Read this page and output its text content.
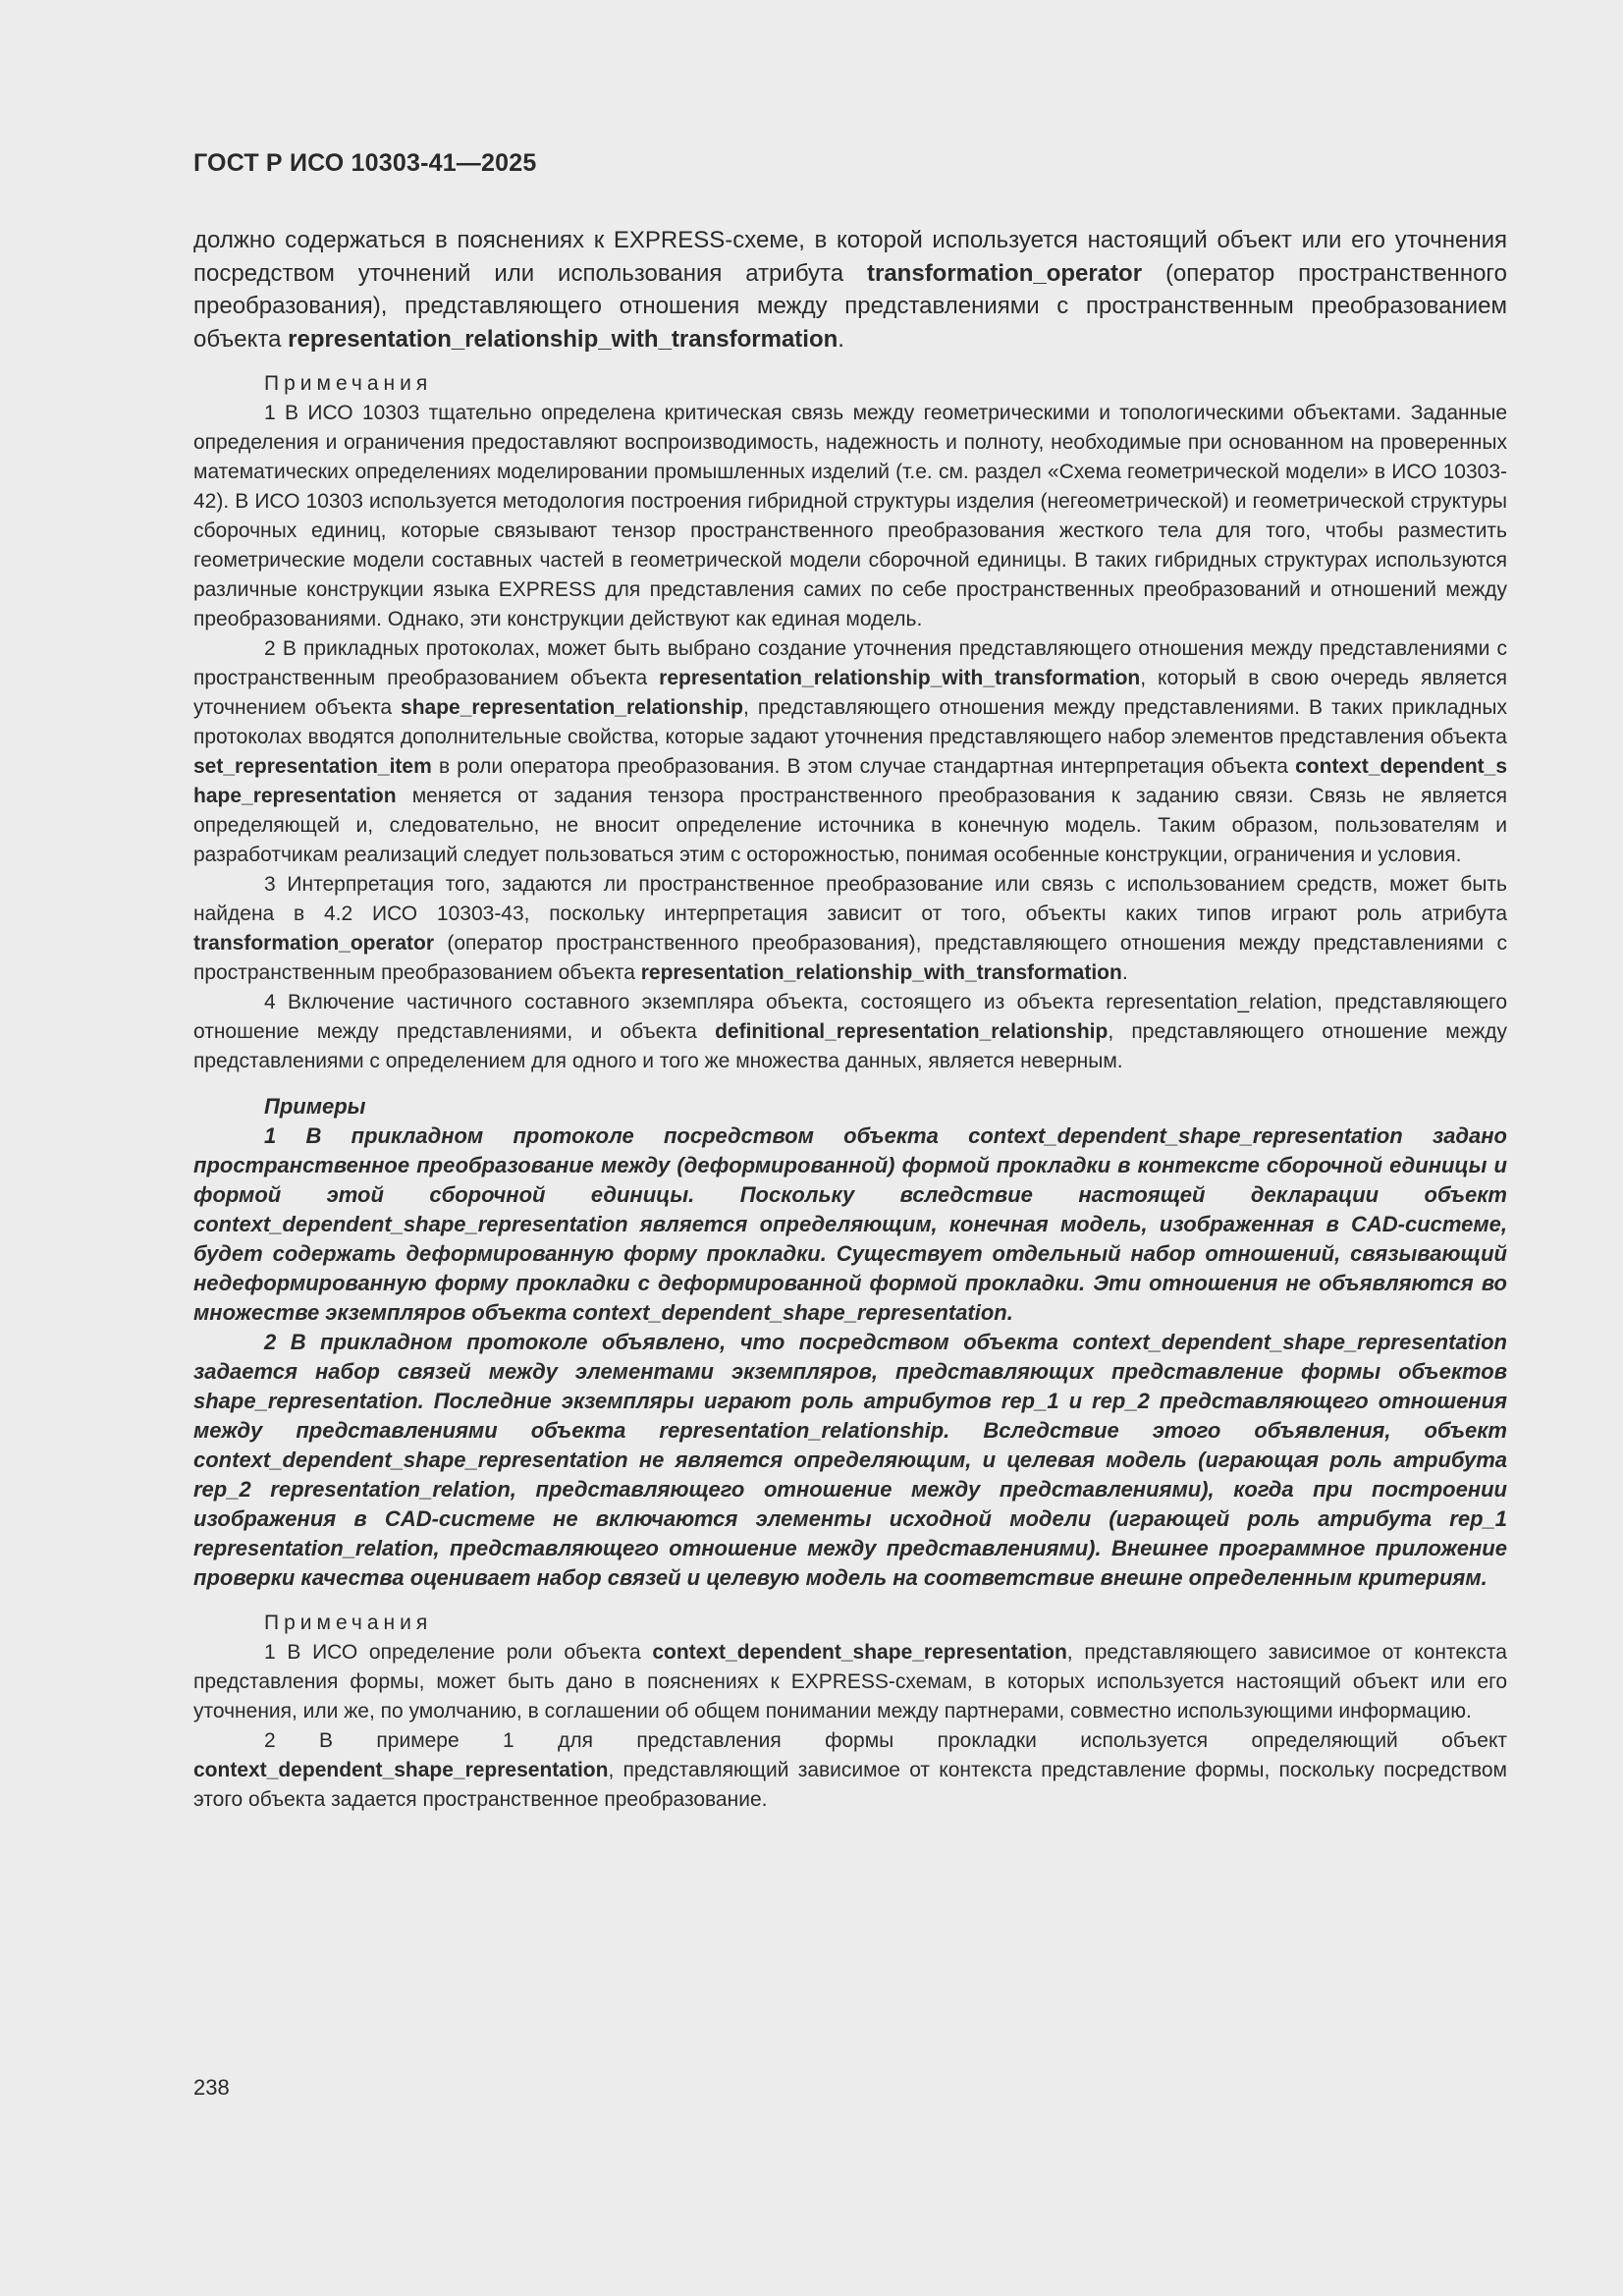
ГОСТ Р ИСО 10303-41—2025

должно содержаться в пояснениях к EXPRESS-схеме, в которой используется настоящий объект или его уточнения посредством уточнений или использования атрибута transformation_operator (оператор пространственного преобразования), представляющего отношения между представлениями с пространственным преобразованием объекта representation_relationship_with_transformation.

Примечания

1 В ИСО 10303 тщательно определена критическая связь между геометрическими и топологическими объектами. Заданные определения и ограничения предоставляют воспроизводимость, надежность и полноту, необходимые при основанном на проверенных математических определениях моделировании промышленных изделий (т.е. см. раздел «Схема геометрической модели» в ИСО 10303-42). В ИСО 10303 используется методология построения гибридной структуры изделия (негеометрической) и геометрической структуры сборочных единиц, которые связывают тензор пространственного преобразования жесткого тела для того, чтобы разместить геометрические модели составных частей в геометрической модели сборочной единицы. В таких гибридных структурах используются различные конструкции языка EXPRESS для представления самих по себе пространственных преобразований и отношений между преобразованиями. Однако, эти конструкции действуют как единая модель.

2 В прикладных протоколах, может быть выбрано создание уточнения представляющего отношения между представлениями с пространственным преобразованием объекта representation_relationship_with_transformation, который в свою очередь является уточнением объекта shape_representation_relationship, представляющего отношения между представлениями. В таких прикладных протоколах вводятся дополнительные свойства, которые задают уточнения представляющего набор элементов представления объекта set_representation_item в роли оператора преобразования. В этом случае стандартная интерпретация объекта context_dependent_s hape_representation меняется от задания тензора пространственного преобразования к заданию связи. Связь не является определяющей и, следовательно, не вносит определение источника в конечную модель. Таким образом, пользователям и разработчикам реализаций следует пользоваться этим с осторожностью, понимая особенные конструкции, ограничения и условия.

3 Интерпретация того, задаются ли пространственное преобразование или связь с использованием средств, может быть найдена в 4.2 ИСО 10303-43, поскольку интерпретация зависит от того, объекты каких типов играют роль атрибута transformation_operator (оператор пространственного преобразования), представляющего отношения между представлениями с пространственным преобразованием объекта representation_relationship_with_transformation.

4 Включение частичного составного экземпляра объекта, состоящего из объекта representation_relation, представляющего отношение между представлениями, и объекта definitional_representation_relationship, представляющего отношение между представлениями с определением для одного и того же множества данных, является неверным.

Примеры

1 В прикладном протоколе посредством объекта context_dependent_shape_representation задано пространственное преобразование между (деформированной) формой прокладки в контексте сборочной единицы и формой этой сборочной единицы. Поскольку вследствие настоящей декларации объект context_dependent_shape_representation является определяющим, конечная модель, изображенная в CAD-системе, будет содержать деформированную форму прокладки. Существует отдельный набор отношений, связывающий недеформированную форму прокладки с деформированной формой прокладки. Эти отношения не объявляются во множестве экземпляров объекта context_dependent_shape_representation.

2 В прикладном протоколе объявлено, что посредством объекта context_dependent_shape_representation задается набор связей между элементами экземпляров, представляющих представление формы объектов shape_representation. Последние экземпляры играют роль атрибутов rep_1 и rep_2 представляющего отношения между представлениями объекта representation_relationship. Вследствие этого объявления, объект context_dependent_shape_representation не является определяющим, и целевая модель (играющая роль атрибута rep_2 representation_relation, представляющего отношение между представлениями), когда при построении изображения в CAD-системе не включаются элементы исходной модели (играющей роль атрибута rep_1 representation_relation, представляющего отношение между представлениями). Внешнее программное приложение проверки качества оценивает набор связей и целевую модель на соответствие внешне определенным критериям.

Примечания

1 В ИСО определение роли объекта context_dependent_shape_representation, представляющего зависимое от контекста представления формы, может быть дано в пояснениях к EXPRESS-схемам, в которых используется настоящий объект или его уточнения, или же, по умолчанию, в соглашении об общем понимании между партнерами, совместно использующими информацию.

2 В примере 1 для представления формы прокладки используется определяющий объект context_dependent_shape_representation, представляющий зависимое от контекста представление формы, поскольку посредством этого объекта задается пространственное преобразование.

238
